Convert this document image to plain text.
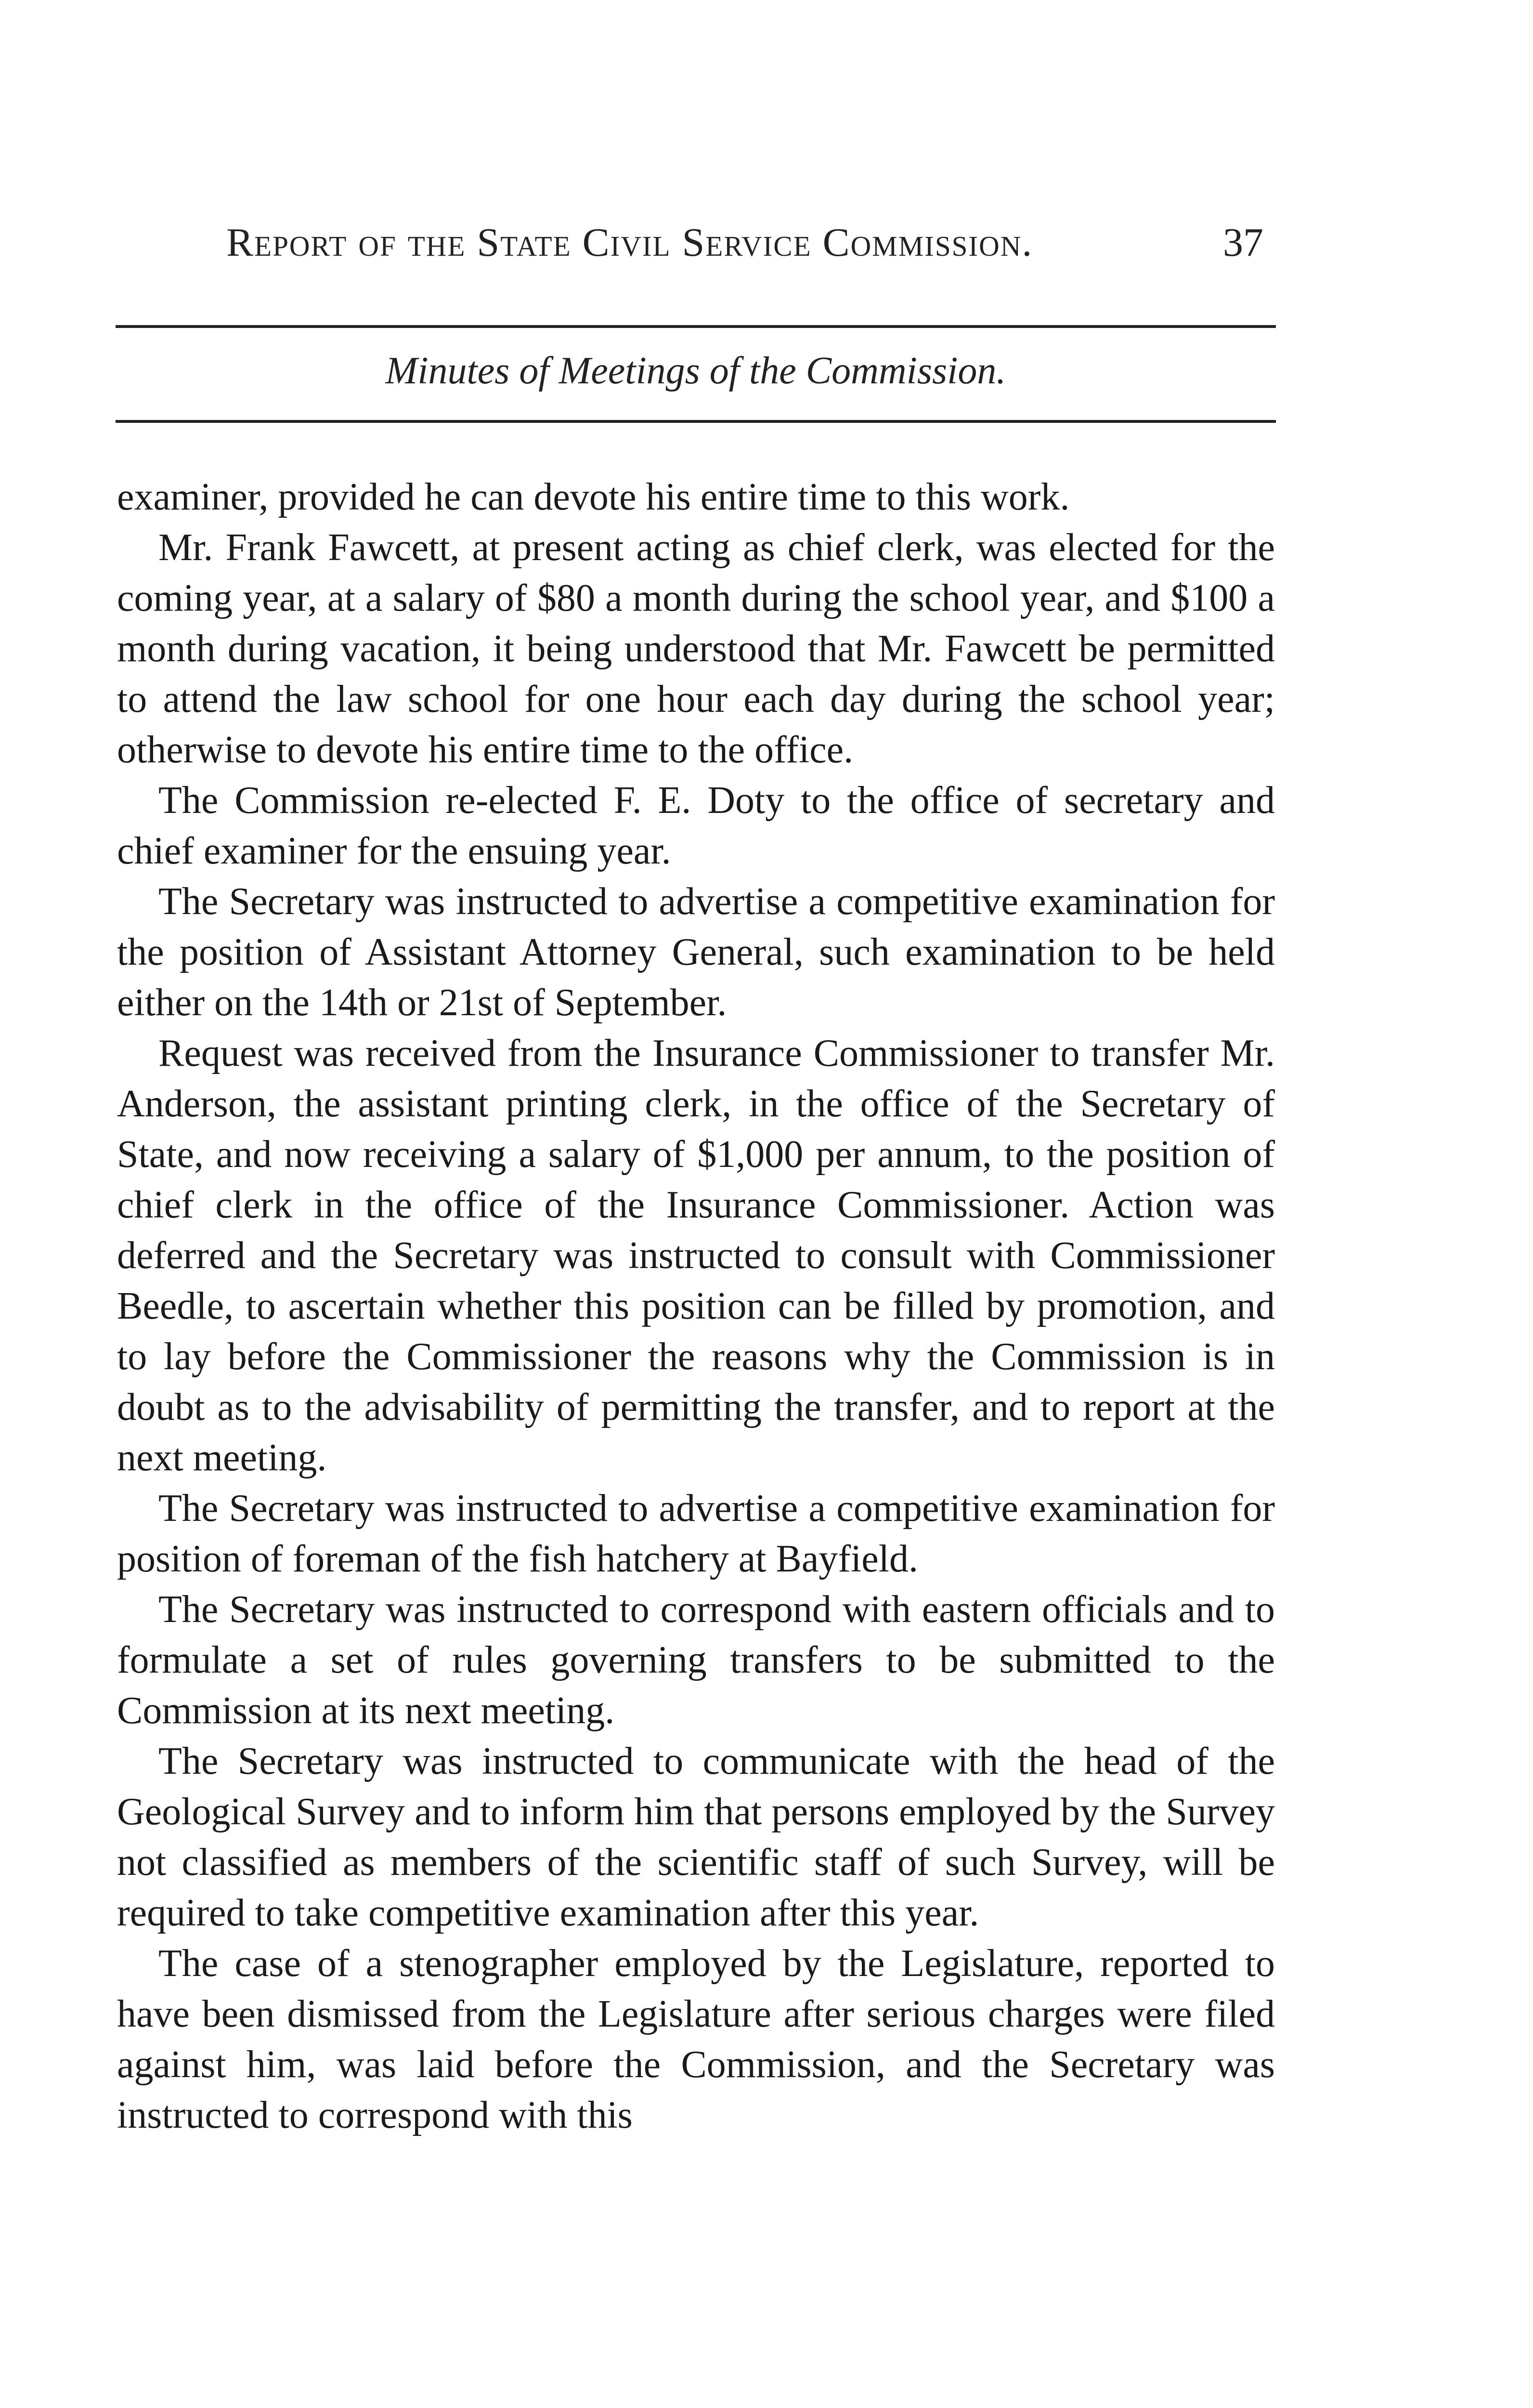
Report of the State Civil Service Commission.	37
Minutes of Meetings of the Commission.

examiner, provided he can devote his entire time to this work.

Mr. Frank Fawcett, at present acting as chief clerk, was elected for the coming year, at a salary of $80 a month during the school year, and $100 a month during vacation, it being understood that Mr. Fawcett be permitted to attend the law school for one hour each day during the school year; otherwise to devote his entire time to the office.

The Commission re-elected F. E. Doty to the office of secretary and chief examiner for the ensuing year.

The Secretary was instructed to advertise a competitive examination for the position of Assistant Attorney General, such examination to be held either on the 14th or 21st of September.

Request was received from the Insurance Commissioner to transfer Mr. Anderson, the assistant printing clerk, in the office of the Secretary of State, and now receiving a salary of $1,000 per annum, to the position of chief clerk in the office of the Insurance Commissioner. Action was deferred and the Secretary was instructed to consult with Commissioner Beedle, to ascertain whether this position can be filled by promotion, and to lay before the Commissioner the reasons why the Commission is in doubt as to the advisability of permitting the transfer, and to report at the next meeting.

The Secretary was instructed to advertise a competitive examination for position of foreman of the fish hatchery at Bayfield.

The Secretary was instructed to correspond with eastern officials and to formulate a set of rules governing transfers to be submitted to the Commission at its next meeting.

The Secretary was instructed to communicate with the head of the Geological Survey and to inform him that persons employed by the Survey not classified as members of the scientific staff of such Survey, will be required to take competitive examination after this year.

The case of a stenographer employed by the Legislature, reported to have been dismissed from the Legislature after serious charges were filed against him, was laid before the Commission, and the Secretary was instructed to correspond with this
